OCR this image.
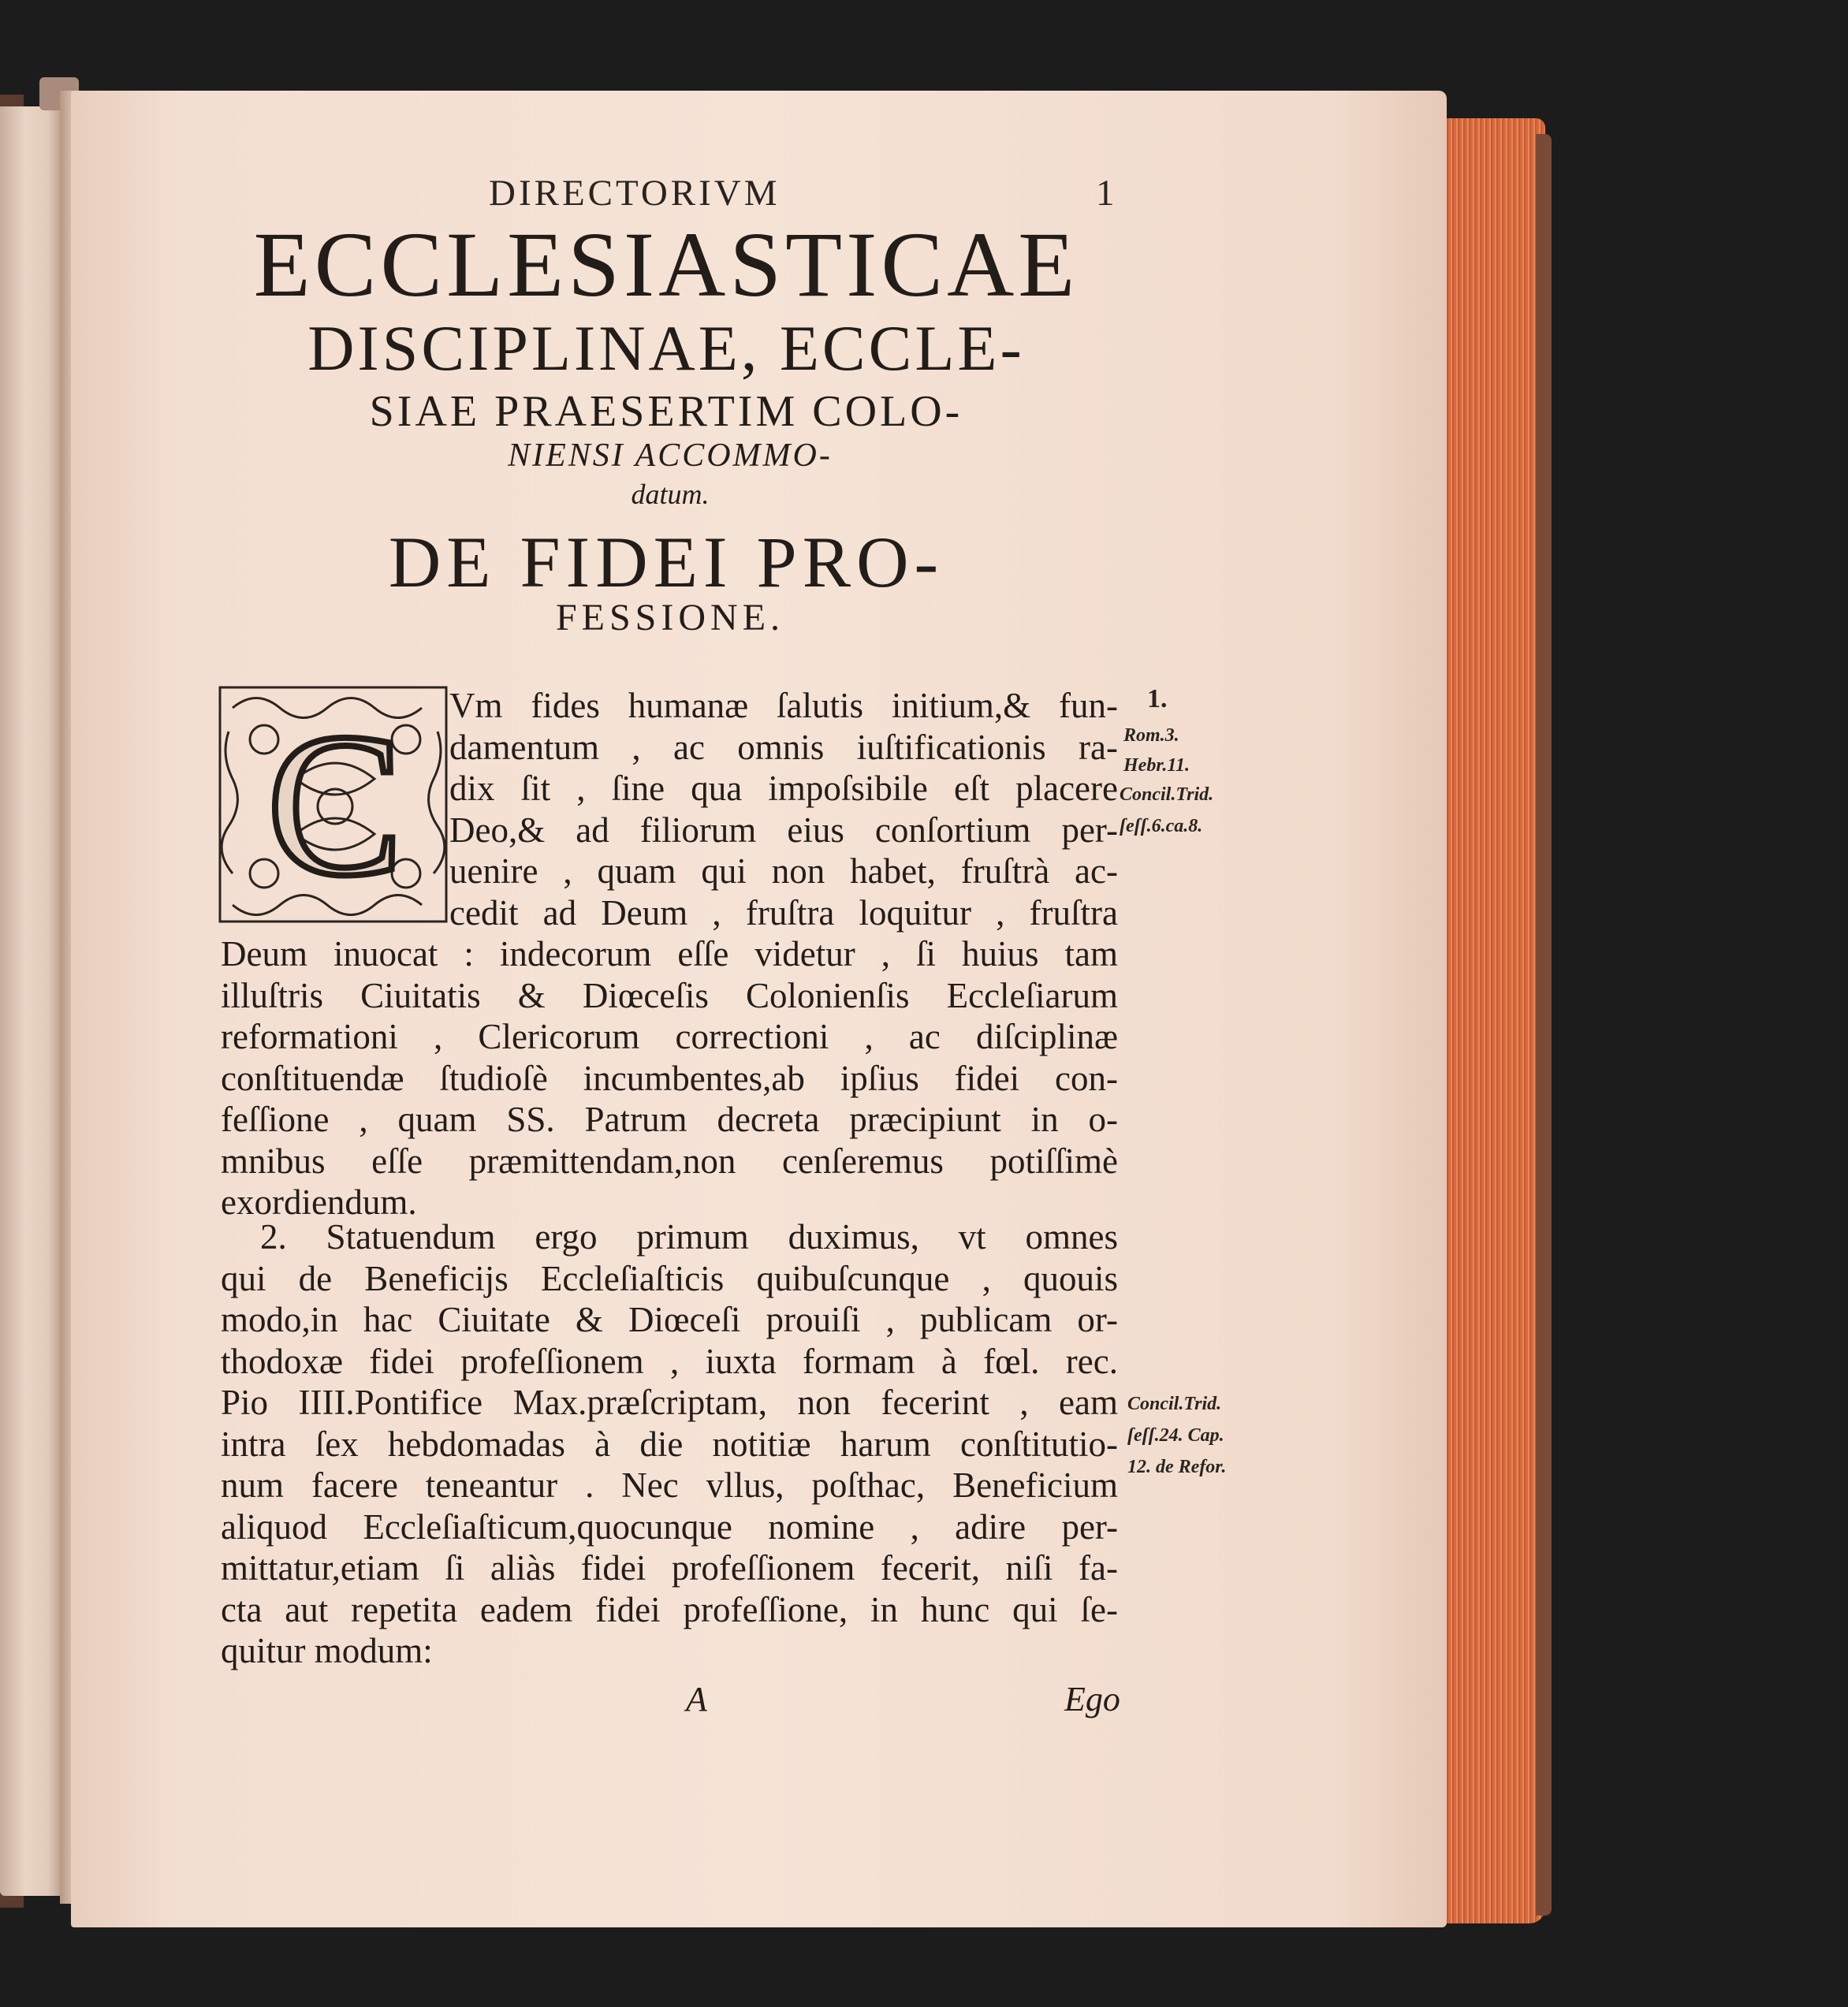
DIRECTORIVM	1
ECCLESIASTICAE
DISCIPLINAE, ECCLE-
SIAE PRAESERTIM COLO-
NIENSI ACCOMMO-
datum.
DE FIDEI PRO-
FESSIONE.
C Vm fides humanæ ſalutis initium,& fun-
damentum , ac omnis iuſtificationis ra-
dix ſit , ſine qua impoſsibile eſt placere
Deo,& ad filiorum eius conſortium per-
uenire , quam qui non habet, fruſtrà ac-
cedit ad Deum , fruſtra loquitur , fruſtra
Deum inuocat : indecorum eſſe videtur , ſi huius tam
illuſtris Ciuitatis & Diœceſis Colonienſis Eccleſiarum
reformationi , Clericorum correctioni , ac diſciplinæ
conſtituendæ ſtudioſè incumbentes,ab ipſius fidei con-
feſſione , quam SS. Patrum decreta præcipiunt in o-
mnibus eſſe præmittendam,non cenſeremus potiſſimè
exordiendum.
2. Statuendum ergo primum duximus, vt omnes
qui de Beneficijs Eccleſiaſticis quibuſcunque , quouis
modo,in hac Ciuitate & Diœceſi prouiſi , publicam or-
thodoxæ fidei profeſſionem , iuxta formam à fœl. rec.
Pio IIII.Pontifice Max.præſcriptam, non fecerint , eam
intra ſex hebdomadas à die notitiæ harum conſtitutio-
num facere teneantur . Nec vllus, poſthac, Beneficium
aliquod Eccleſiaſticum,quocunque nomine , adire per-
mittatur,etiam ſi aliàs fidei profeſſionem fecerit, niſi fa-
cta aut repetita eadem fidei profeſſione, in hunc qui ſe-
quitur modum:
1.
Rom.3.
Hebr.11.
Concil.Trid.
ſeſſ.6.ca.8.
Concil.Trid.
ſeſſ.24. Cap.
12. de Refor.
A	Ego
